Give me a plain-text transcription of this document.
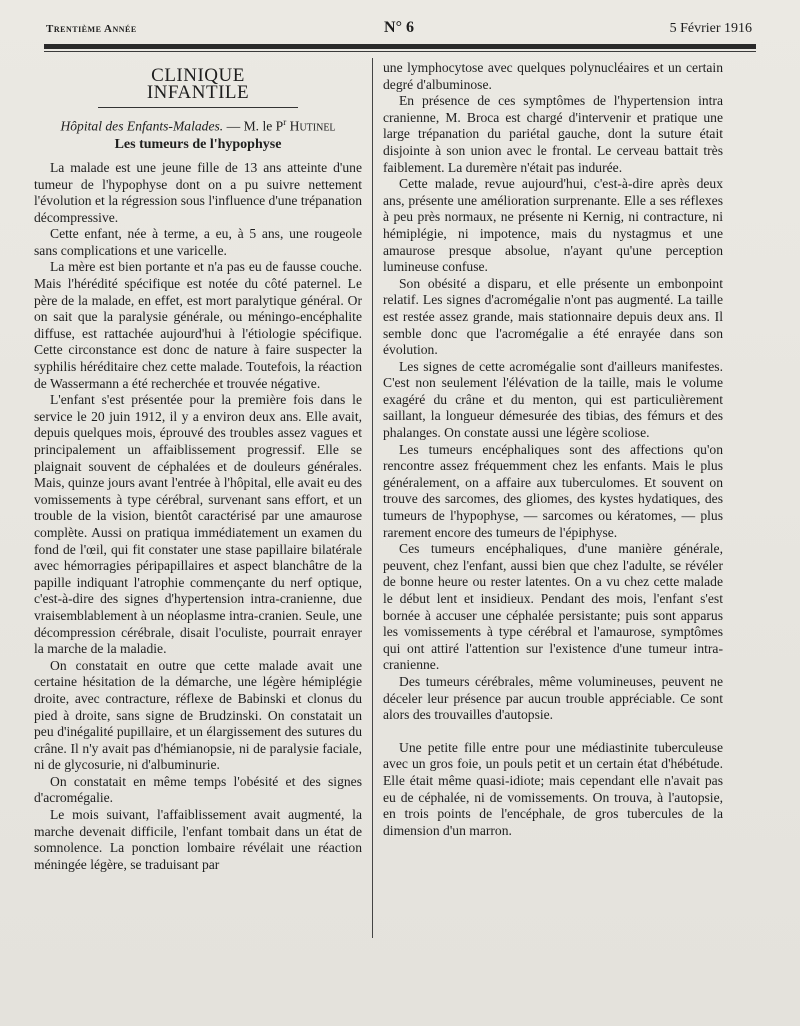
Trentième Année	N° 6	5 Février 1916
CLINIQUE INFANTILE
Hôpital des Enfants-Malades. — M. le $P^r$ Hutinel
Les tumeurs de l'hypophyse

La malade est une jeune fille de 13 ans atteinte d'une tumeur de l'hypophyse dont on a pu suivre nettement l'évolution et la régression sous l'influence d'une trépanation décompressive.

Cette enfant, née à terme, a eu, à 5 ans, une rougeole sans complications et une varicelle.

La mère est bien portante et n'a pas eu de fausse couche. Mais l'hérédité spécifique est notée du côté paternel. Le père de la malade, en effet, est mort paralytique général. Or on sait que la paralysie générale, ou méningo-encéphalite diffuse, est rattachée aujourd'hui à l'étiologie spécifique. Cette circonstance est donc de nature à faire suspecter la syphilis héréditaire chez cette malade. Toutefois, la réaction de Wassermann a été recherchée et trouvée négative.

L'enfant s'est présentée pour la première fois dans le service le 20 juin 1912, il y a environ deux ans. Elle avait, depuis quelques mois, éprouvé des troubles assez vagues et principalement un affaiblissement progressif. Elle se plaignait souvent de céphalées et de douleurs générales. Mais, quinze jours avant l'entrée à l'hôpital, elle avait eu des vomissements à type cérébral, survenant sans effort, et un trouble de la vision, bientôt caractérisé par une amaurose complète. Aussi on pratiqua immédiatement un examen du fond de l'œil, qui fit constater une stase papillaire bilatérale avec hémorragies péripapillaires et aspect blanchâtre de la papille indiquant l'atrophie commençante du nerf optique, c'est-à-dire des signes d'hypertension intra-cranienne, due vraisemblablement à un néoplasme intra-cranien. Seule, une décompression cérébrale, disait l'oculiste, pourrait enrayer la marche de la maladie.

On constatait en outre que cette malade avait une certaine hésitation de la démarche, une légère hémiplégie droite, avec contracture, réflexe de Babinski et clonus du pied à droite, sans signe de Brudzinski. On constatait un peu d'inégalité pupillaire, et un élargissement des sutures du crâne. Il n'y avait pas d'hémianopsie, ni de paralysie faciale, ni de glycosurie, ni d'albuminurie.

On constatait en même temps l'obésité et des signes d'acromégalie.

Le mois suivant, l'affaiblissement avait augmenté, la marche devenait difficile, l'enfant tombait dans un état de somnolence. La ponction lombaire révélait une réaction méningée légère, se traduisant par

une lymphocytose avec quelques polynucléaires et un certain degré d'albuminose.

En présence de ces symptômes de l'hypertension intra cranienne, M. Broca est chargé d'intervenir et pratique une large trépanation du pariétal gauche, dont la suture était disjointe à son union avec le frontal. Le cerveau battait très faiblement. La duremère n'était pas indurée.

Cette malade, revue aujourd'hui, c'est-à-dire après deux ans, présente une amélioration surprenante. Elle a ses réflexes à peu près normaux, ne présente ni Kernig, ni contracture, ni hémiplégie, ni impotence, mais du nystagmus et une amaurose presque absolue, n'ayant qu'une perception lumineuse confuse.

Son obésité a disparu, et elle présente un embonpoint relatif. Les signes d'acromégalie n'ont pas augmenté. La taille est restée assez grande, mais stationnaire depuis deux ans. Il semble donc que l'acromégalie a été enrayée dans son évolution.

Les signes de cette acromégalie sont d'ailleurs manifestes. C'est non seulement l'élévation de la taille, mais le volume exagéré du crâne et du menton, qui est particulièrement saillant, la longueur démesurée des tibias, des fémurs et des phalanges. On constate aussi une légère scoliose.

Les tumeurs encéphaliques sont des affections qu'on rencontre assez fréquemment chez les enfants. Mais le plus généralement, on a affaire aux tuberculomes. Et souvent on trouve des sarcomes, des gliomes, des kystes hydatiques, des tumeurs de l'hypophyse, — sarcomes ou kératomes, — plus rarement encore des tumeurs de l'épiphyse.

Ces tumeurs encéphaliques, d'une manière générale, peuvent, chez l'enfant, aussi bien que chez l'adulte, se révéler de bonne heure ou rester latentes. On a vu chez cette malade le début lent et insidieux. Pendant des mois, l'enfant s'est bornée à accuser une céphalée persistante; puis sont apparus les vomissements à type cérébral et l'amaurose, symptômes qui ont attiré l'attention sur l'existence d'une tumeur intra-cranienne.

Des tumeurs cérébrales, même volumineuses, peuvent ne déceler leur présence par aucun trouble appréciable. Ce sont alors des trouvailles d'autopsie.

Une petite fille entre pour une médiastinite tuberculeuse avec un gros foie, un pouls petit et un certain état d'hébétude. Elle était même quasi-idiote; mais cependant elle n'avait pas eu de céphalée, ni de vomissements. On trouva, à l'autopsie, en trois points de l'encéphale, de gros tubercules de la dimension d'un marron.
